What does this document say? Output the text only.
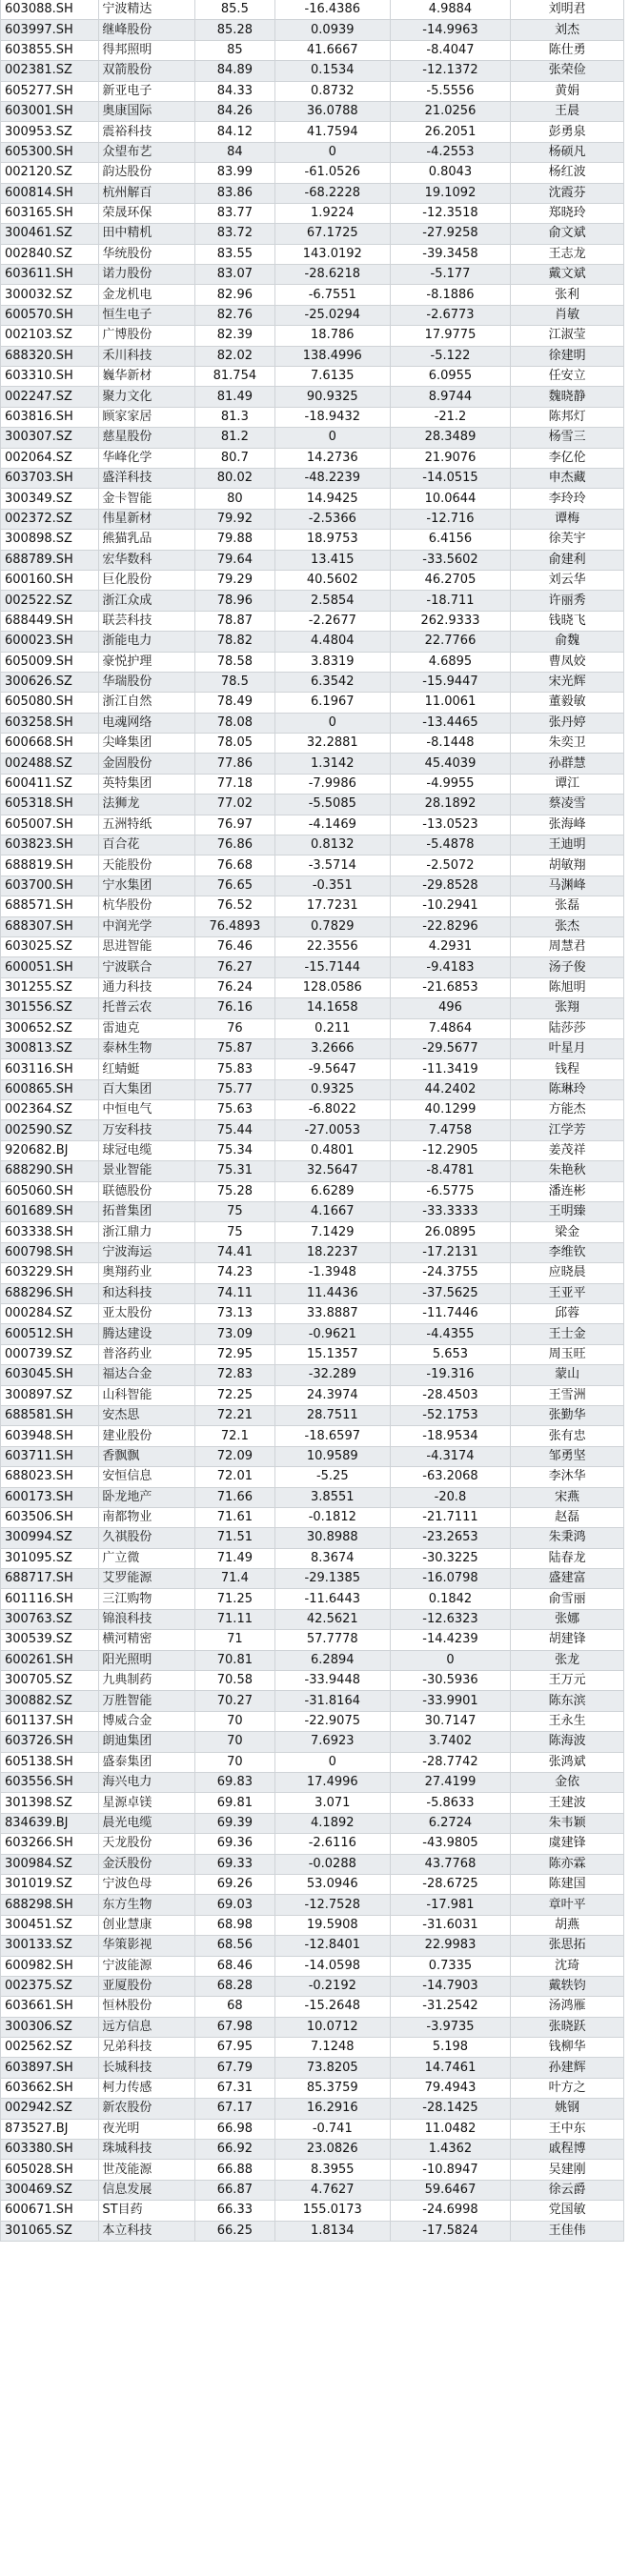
603088.SH	宁波精达	85.5	-16.4386	4.9884	刘明君
603997.SH	继峰股份	85.28	0.0939	-14.9963	刘杰
603855.SH	得邦照明	85	41.6667	-8.4047	陈仕勇
002381.SZ	双箭股份	84.89	0.1534	-12.1372	张荣俭
605277.SH	新亚电子	84.33	0.8732	-5.5556	黄娟
603001.SH	奥康国际	84.26	36.0788	21.0256	王晨
300953.SZ	震裕科技	84.12	41.7594	26.2051	彭勇泉
605300.SH	众望布艺	84	0	-4.2553	杨硕凡
002120.SZ	韵达股份	83.99	-61.0526	0.8043	杨红波
600814.SH	杭州解百	83.86	-68.2228	19.1092	沈霞芬
603165.SH	荣晟环保	83.77	1.9224	-12.3518	郑晓玲
300461.SZ	田中精机	83.72	67.1725	-27.9258	俞文斌
002840.SZ	华统股份	83.55	143.0192	-39.3458	王志龙
603611.SH	诺力股份	83.07	-28.6218	-5.177	戴文斌
300032.SZ	金龙机电	82.96	-6.7551	-8.1886	张利
600570.SH	恒生电子	82.76	-25.0294	-2.6773	肖敏
002103.SZ	广博股份	82.39	18.786	17.9775	江淑莹
688320.SH	禾川科技	82.02	138.4996	-5.122	徐建明
603310.SH	巍华新材	81.754	7.6135	6.0955	任安立
002247.SZ	聚力文化	81.49	90.9325	8.9744	魏晓静
603816.SH	顾家家居	81.3	-18.9432	-21.2	陈邦灯
300307.SZ	慈星股份	81.2	0	28.3489	杨雪三
002064.SZ	华峰化学	80.7	14.2736	21.9076	李亿伦
603703.SH	盛洋科技	80.02	-48.2239	-14.0515	申杰藏
300349.SZ	金卡智能	80	14.9425	10.0644	李玲玲
002372.SZ	伟星新材	79.92	-2.5366	-12.716	谭梅
300898.SZ	熊猫乳品	79.88	18.9753	6.4156	徐芙宇
688789.SH	宏华数科	79.64	13.415	-33.5602	俞建利
600160.SH	巨化股份	79.29	40.5602	46.2705	刘云华
002522.SZ	浙江众成	78.96	2.5854	-18.711	许丽秀
688449.SH	联芸科技	78.87	-2.2677	262.9333	钱晓飞
600023.SH	浙能电力	78.82	4.4804	22.7766	俞魏
605009.SH	豪悦护理	78.58	3.8319	4.6895	曹凤姣
300626.SZ	华瑞股份	78.5	6.3542	-15.9447	宋光辉
605080.SH	浙江自然	78.49	6.1967	11.0061	董毅敏
603258.SH	电魂网络	78.08	0	-13.4465	张丹婷
600668.SH	尖峰集团	78.05	32.2881	-8.1448	朱奕卫
002488.SZ	金固股份	77.86	1.3142	45.4039	孙群慧
600411.SZ	英特集团	77.18	-7.9986	-4.9955	谭江
605318.SH	法狮龙	77.02	-5.5085	28.1892	蔡凌雪
605007.SH	五洲特纸	76.97	-4.1469	-13.0523	张海峰
603823.SH	百合花	76.86	0.8132	-5.4878	王迪明
688819.SH	天能股份	76.68	-3.5714	-2.5072	胡敏翔
603700.SH	宁水集团	76.65	-0.351	-29.8528	马渊峰
688571.SH	杭华股份	76.52	17.7231	-10.2941	张磊
688307.SH	中润光学	76.4893	0.7829	-22.8296	张杰
603025.SZ	思进智能	76.46	22.3556	4.2931	周慧君
600051.SH	宁波联合	76.27	-15.7144	-9.4183	汤子俊
301255.SZ	通力科技	76.24	128.0586	-21.6853	陈旭明
301556.SZ	托普云农	76.16	14.1658	496	张翔
300652.SZ	雷迪克	76	0.211	7.4864	陆莎莎
300813.SZ	泰林生物	75.87	3.2666	-29.5677	叶星月
603116.SH	红蜻蜓	75.83	-9.5647	-11.3419	钱程
600865.SH	百大集团	75.77	0.9325	44.2402	陈琳玲
002364.SZ	中恒电气	75.63	-6.8022	40.1299	方能杰
002590.SZ	万安科技	75.44	-27.0053	7.4758	江学芳
920682.BJ	球冠电缆	75.34	0.4801	-12.2905	姜茂祥
688290.SH	景业智能	75.31	32.5647	-8.4781	朱艳秋
605060.SH	联德股份	75.28	6.6289	-6.5775	潘连彬
601689.SH	拓普集团	75	4.1667	-33.3333	王明臻
603338.SH	浙江鼎力	75	7.1429	26.0895	梁金
600798.SH	宁波海运	74.41	18.2237	-17.2131	李维钦
603229.SH	奥翔药业	74.23	-1.3948	-24.3755	应晓晨
688296.SH	和达科技	74.11	11.4436	-37.5625	王亚平
000284.SZ	亚太股份	73.13	33.8887	-11.7446	邱蓉
600512.SH	腾达建设	73.09	-0.9621	-4.4355	王士金
000739.SZ	普洛药业	72.95	15.1357	5.653	周玉旺
603045.SH	福达合金	72.83	-32.289	-19.316	蒙山
300897.SZ	山科智能	72.25	24.3974	-28.4503	王雪洲
688581.SH	安杰思	72.21	28.7511	-52.1753	张勤华
603948.SH	建业股份	72.1	-18.6597	-18.9534	张有忠
603711.SH	香飘飘	72.09	10.9589	-4.3174	邹勇坚
688023.SH	安恒信息	72.01	-5.25	-63.2068	李沐华
600173.SH	卧龙地产	71.66	3.8551	-20.8	宋燕
603506.SH	南都物业	71.61	-0.1812	-21.7111	赵磊
300994.SZ	久祺股份	71.51	30.8988	-23.2653	朱秉鸿
301095.SZ	广立微	71.49	8.3674	-30.3225	陆春龙
688717.SH	艾罗能源	71.4	-29.1385	-16.0798	盛建富
601116.SH	三江购物	71.25	-11.6443	0.1842	俞雪丽
300763.SZ	锦浪科技	71.11	42.5621	-12.6323	张娜
300539.SZ	横河精密	71	57.7778	-14.4239	胡建锋
600261.SH	阳光照明	70.81	6.2894	0	张龙
300705.SZ	九典制药	70.58	-33.9448	-30.5936	王万元
300882.SZ	万胜智能	70.27	-31.8164	-33.9901	陈东滨
601137.SH	博威合金	70	-22.9075	30.7147	王永生
603726.SH	朗迪集团	70	7.6923	3.7402	陈海波
605138.SH	盛泰集团	70	0	-28.7742	张鸿斌
603556.SH	海兴电力	69.83	17.4996	27.4199	金依
301398.SZ	星源卓镁	69.81	3.071	-5.8633	王建波
834639.BJ	晨光电缆	69.39	4.1892	6.2724	朱韦颖
603266.SH	天龙股份	69.36	-2.6116	-43.9805	虞建锋
300984.SZ	金沃股份	69.33	-0.0288	43.7768	陈亦霖
301019.SZ	宁波色母	69.26	53.0946	-28.6725	陈建国
688298.SH	东方生物	69.03	-12.7528	-17.981	章叶平
300451.SZ	创业慧康	68.98	19.5908	-31.6031	胡燕
300133.SZ	华策影视	68.56	-12.8401	22.9983	张思拓
600982.SH	宁波能源	68.46	-14.0598	0.7335	沈琦
002375.SZ	亚厦股份	68.28	-0.2192	-14.7903	戴轶钧
603661.SH	恒林股份	68	-15.2648	-31.2542	汤鸿雁
300306.SZ	远方信息	67.98	10.0712	-3.9735	张晓跃
002562.SZ	兄弟科技	67.95	7.1248	5.198	钱柳华
603897.SH	长城科技	67.79	73.8205	14.7461	孙建辉
603662.SH	柯力传感	67.31	85.3759	79.4943	叶方之
002942.SZ	新农股份	67.17	16.2916	-28.1425	姚钢
873527.BJ	夜光明	66.98	-0.741	11.0482	王中东
603380.SH	珠城科技	66.92	23.0826	1.4362	戚程博
605028.SH	世茂能源	66.88	8.3955	-10.8947	吴建刚
300469.SZ	信息发展	66.87	4.7627	59.6467	徐云爵
600671.SH	ST目药	66.33	155.0173	-24.6998	党国敏
301065.SZ	本立科技	66.25	1.8134	-17.5824	王佳伟
